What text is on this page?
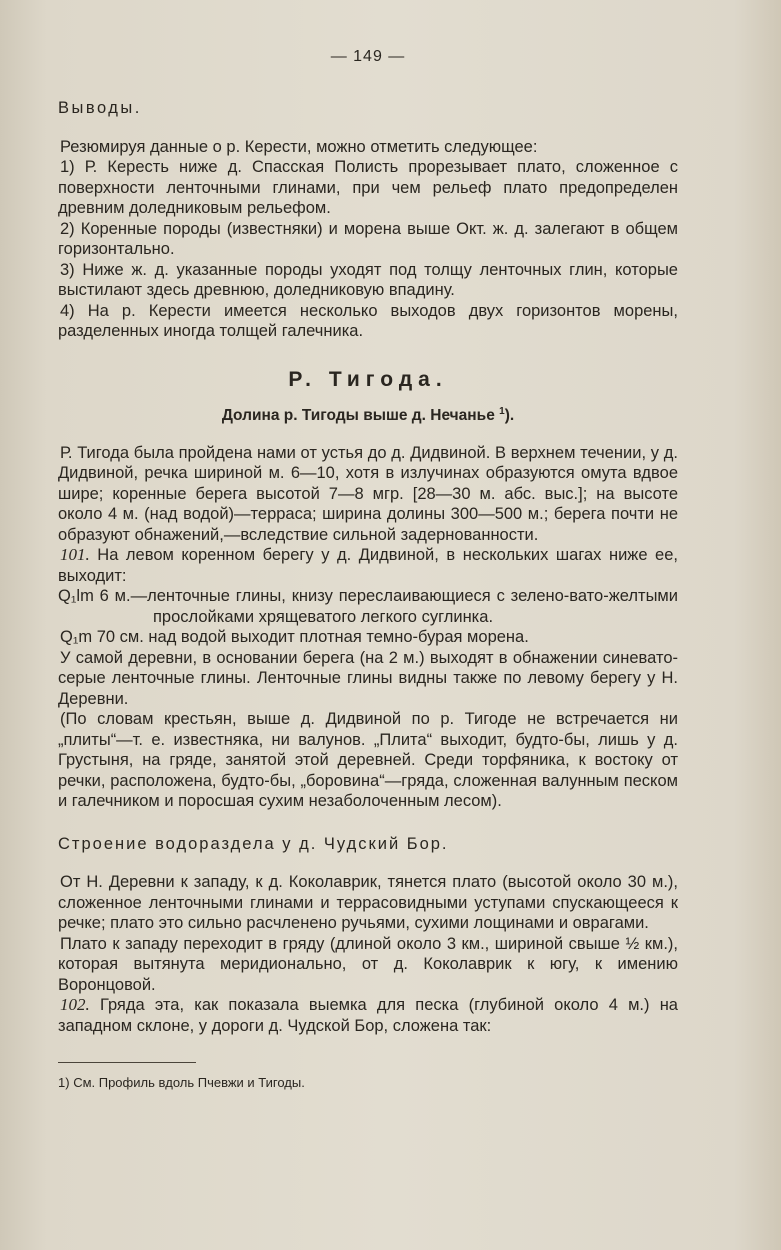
— 149 —

Выводы.

Резюмируя данные о р. Керести, можно отметить следующее:

1) Р. Кересть ниже д. Спасская Полисть прорезывает плато, сложенное с поверхности ленточными глинами, при чем рельеф плато предопределен древним доледниковым рельефом.

2) Коренные породы (известняки) и морена выше Окт. ж. д. залегают в общем горизонтально.

3) Ниже ж. д. указанные породы уходят под толщу ленточных глин, которые выстилают здесь древнюю, доледниковую впадину.

4) На р. Керести имеется несколько выходов двух горизонтов морены, разделенных иногда толщей галечника.

Р. Тигода.
Долина р. Тигоды выше д. Нечанье $^1$).

Р. Тигода была пройдена нами от устья до д. Дидвиной. В верхнем течении, у д. Дидвиной, речка шириной м. 6—10, хотя в излучинах образуются омута вдвое шире; коренные берега высотой 7—8 мгр. [28—30 м. абс. выс.]; на высоте около 4 м. (над водой)—терраса; ширина долины 300—500 м.; берега почти не образуют обнажений,—вследствие сильной задернованности.

101. На левом коренном берегу у д. Дидвиной, в нескольких шагах ниже ее, выходит:

Q₁lm 6 м.—ленточные глины, книзу переслаивающиеся с зелено-вато-желтыми прослойками хрящеватого легкого суглинка.

Q₁m 70 см. над водой выходит плотная темно-бурая морена.

У самой деревни, в основании берега (на 2 м.) выходят в обнажении синевато-серые ленточные глины. Ленточные глины видны также по левому берегу у Н. Деревни.

(По словам крестьян, выше д. Дидвиной по р. Тигоде не встречается ни „плиты“—т. е. известняка, ни валунов. „Плита“ выходит, будто-бы, лишь у д. Грустыня, на гряде, занятой этой деревней. Среди торфяника, к востоку от речки, расположена, будто-бы, „боровина“—гряда, сложенная валунным песком и галечником и поросшая сухим незаболоченным лесом).

Строение водораздела у д. Чудский Бор.

От Н. Деревни к западу, к д. Коколаврик, тянется плато (высотой около 30 м.), сложенное ленточными глинами и террасовидными уступами спускающееся к речке; плато это сильно расчленено ручьями, сухими лощинами и оврагами.

Плато к западу переходит в гряду (длиной около 3 км., шириной свыше ½ км.), которая вытянута меридионально, от д. Коколаврик к югу, к имению Воронцовой.

102. Гряда эта, как показала выемка для песка (глубиной около 4 м.) на западном склоне, у дороги д. Чудской Бор, сложена так:

1) См. Профиль вдоль Пчевжи и Тигоды.
